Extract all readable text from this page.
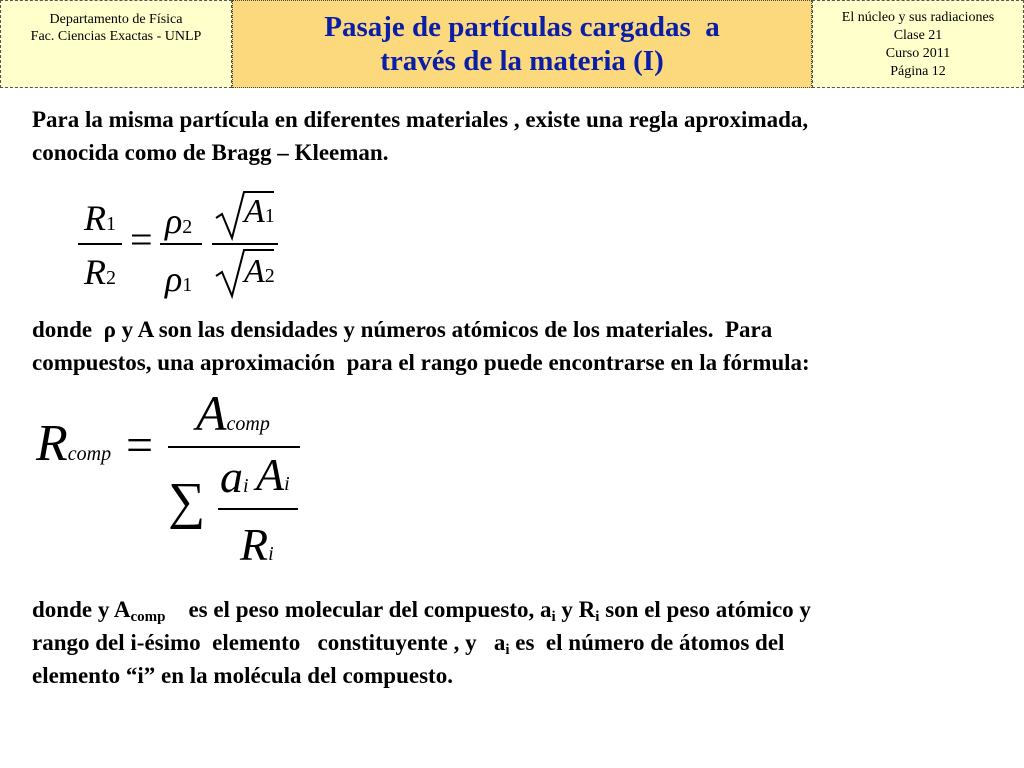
Departamento de Física
Fac. Ciencias Exactas - UNLP	Pasaje de partículas cargadas  a
través de la materia (I)
El núcleo y sus radiaciones
Clase 21
Curso 2011
Página 12
Para la misma partícula en diferentes materiales , existe una regla aproximada,
conocida como de Bragg – Kleeman.
R1
R2
= ρ2
ρ1
A1
A2
donde  ρ y A son las densidades y números atómicos de los materiales.  Para
compuestos, una aproximación  para el rango puede encontrarse en la fórmula:
Rcomp =
Acomp
∑ ai Ai
Ri
donde y $A_{comp}$    es el peso molecular del compuesto, $a_i$ y $R_i$ son el peso atómico y
rango del i-ésimo  elemento   constituyente , y   $a_i$ es  el número de átomos del
elemento “i” en la molécula del compuesto.
